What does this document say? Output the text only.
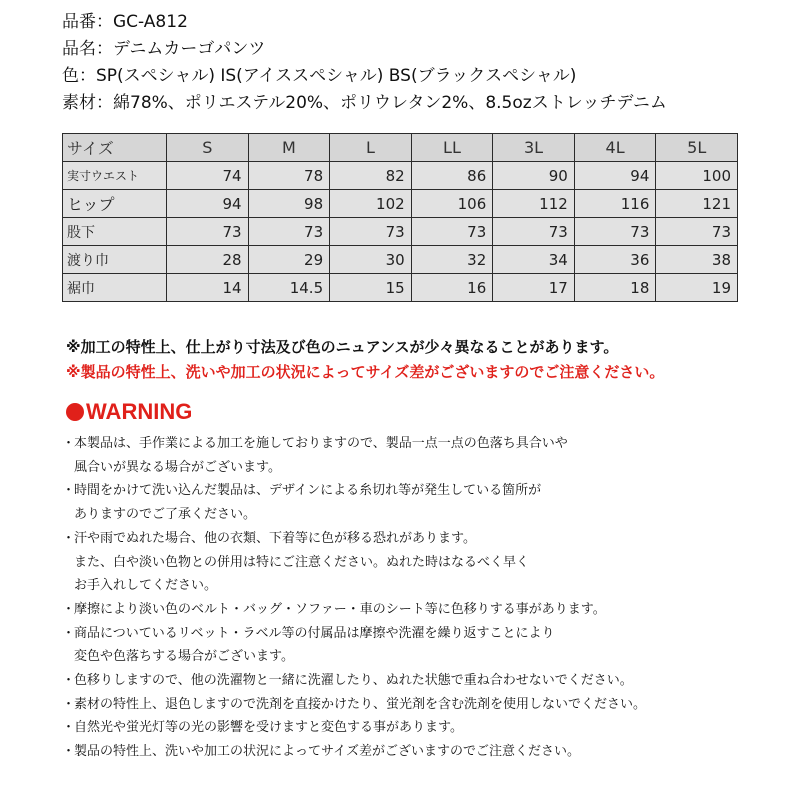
品番：GC-A812
品名：デニムカーゴパンツ
色：SP(スペシャル) IS(アイススペシャル) BS(ブラックスペシャル)
素材：綿78%、ポリエステル20%、ポリウレタン2%、8.5ozストレッチデニム
サイズ	S	M	L	LL	3L	4L	5L
実寸ウエスト	74	78	82	86	90	94	100
ヒップ	94	98	102	106	112	116	121
股下	73	73	73	73	73	73	73
渡り巾	28	29	30	32	34	36	38
裾巾	14	14.5	15	16	17	18	19
※加工の特性上、仕上がり寸法及び色のニュアンスが少々異なることがあります。
※製品の特性上、洗いや加工の状況によってサイズ差がございますのでご注意ください。
WARNING
・本製品は、手作業による加工を施しておりますので、製品一点一点の色落ち具合いや
風合いが異なる場合がございます。
・時間をかけて洗い込んだ製品は、デザインによる糸切れ等が発生している箇所が
ありますのでご了承ください。
・汗や雨でぬれた場合、他の衣類、下着等に色が移る恐れがあります。
また、白や淡い色物との併用は特にご注意ください。ぬれた時はなるべく早く
お手入れしてください。
・摩擦により淡い色のベルト・バッグ・ソファー・車のシート等に色移りする事があります。
・商品についているリベット・ラベル等の付属品は摩擦や洗濯を繰り返すことにより
変色や色落ちする場合がございます。
・色移りしますので、他の洗濯物と一緒に洗濯したり、ぬれた状態で重ね合わせないでください。
・素材の特性上、退色しますので洗剤を直接かけたり、蛍光剤を含む洗剤を使用しないでください。
・自然光や蛍光灯等の光の影響を受けますと変色する事があります。
・製品の特性上、洗いや加工の状況によってサイズ差がございますのでご注意ください。
